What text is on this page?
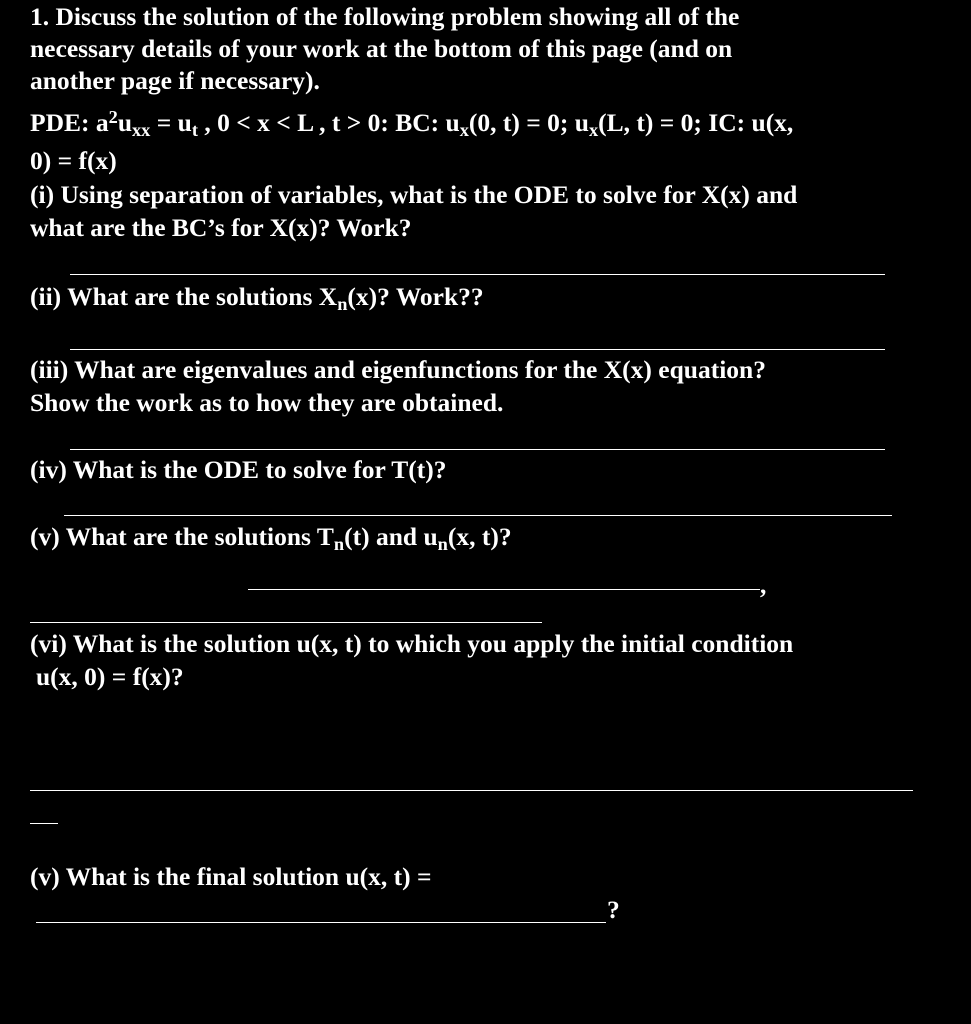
1. Discuss the solution of the following problem showing all of the
necessary details of your work at the bottom of this page (and on
another page if necessary).
PDE: $a^2u_{xx} = u_t$ , 0 < x < L , t > 0: BC: $u_x(0$, t) = 0; $u_x(L$, t) = 0; IC: u(x,
0) = f(x)
(i) Using separation of variables, what is the ODE to solve for X(x) and
what are the BC’s for X(x)? Work?
(ii) What are the solutions $X_n(x)$? Work??
(iii) What are eigenvalues and eigenfunctions for the X(x) equation?
Show the work as to how they are obtained.
(iv) What is the ODE to solve for T(t)?
(v) What are the solutions $T_n(t)$ and $u_n(x$, t)?
,
(vi) What is the solution u(x, t) to which you apply the initial condition
u(x, 0) = f(x)?
(v) What is the final solution u(x, t) =
?
